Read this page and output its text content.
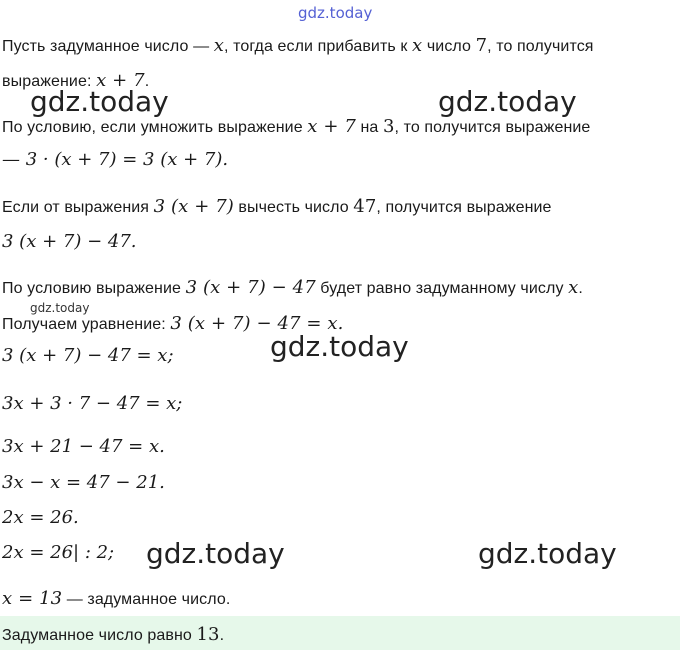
gdz.today
Пусть задуманное число — x, тогда если прибавить к x число 7, то получится
выражение: x + 7.
gdz.today	gdz.today
По условию, если умножить выражение x + 7 на 3, то получится выражение
— 3 · (x + 7) = 3 (x + 7).
Если от выражения 3 (x + 7) вычесть число 47, получится выражение
3 (x + 7) − 47.
По условию выражение 3 (x + 7) − 47 будет равно задуманному числу x.
gdz.today
Получаем уравнение: 3 (x + 7) − 47 = x.
gdz.today
3 (x + 7) − 47 = x;
3x + 3 · 7 − 47 = x;
3x + 21 − 47 = x.
3x − x = 47 − 21.
2x = 26.
2x = 26| : 2; gdz.today	gdz.today
x = 13 — задуманное число.
Задуманное число равно 13.
